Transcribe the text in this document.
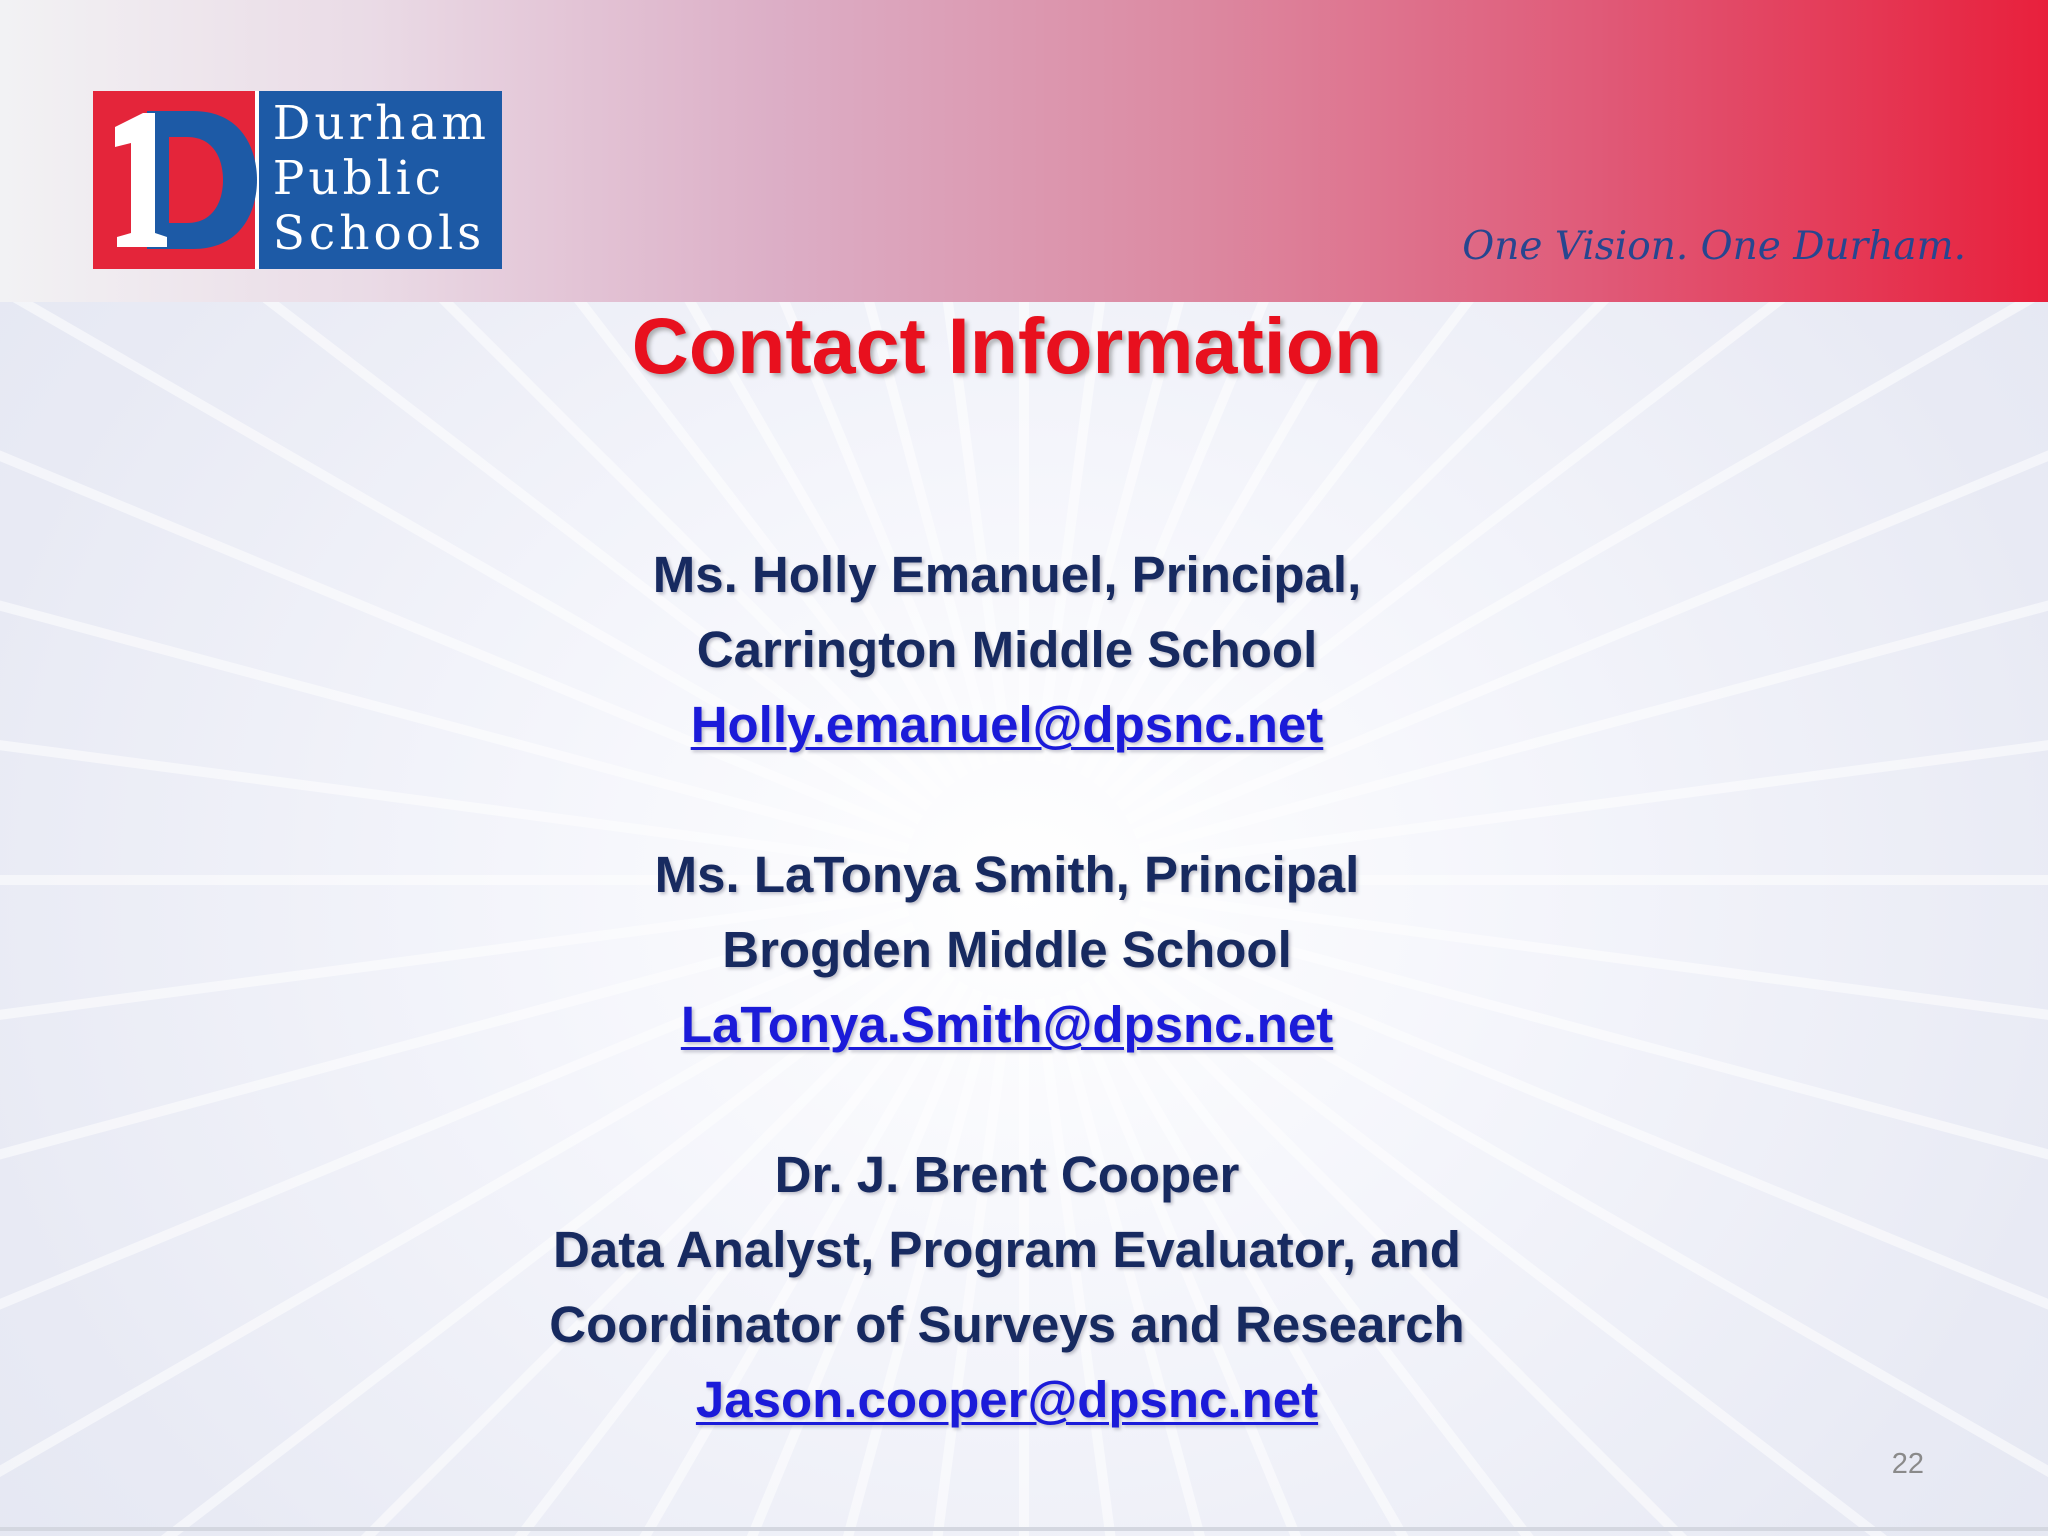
Durham
Public
Schools	One Vision. One Durham.
Contact Information
Ms. Holly Emanuel, Principal,
Carrington Middle School
Holly.emanuel@dpsnc.net
Ms. LaTonya Smith, Principal
Brogden Middle School
LaTonya.Smith@dpsnc.net
Dr. J. Brent Cooper
Data Analyst, Program Evaluator, and
Coordinator of Surveys and Research
Jason.cooper@dpsnc.net
22
